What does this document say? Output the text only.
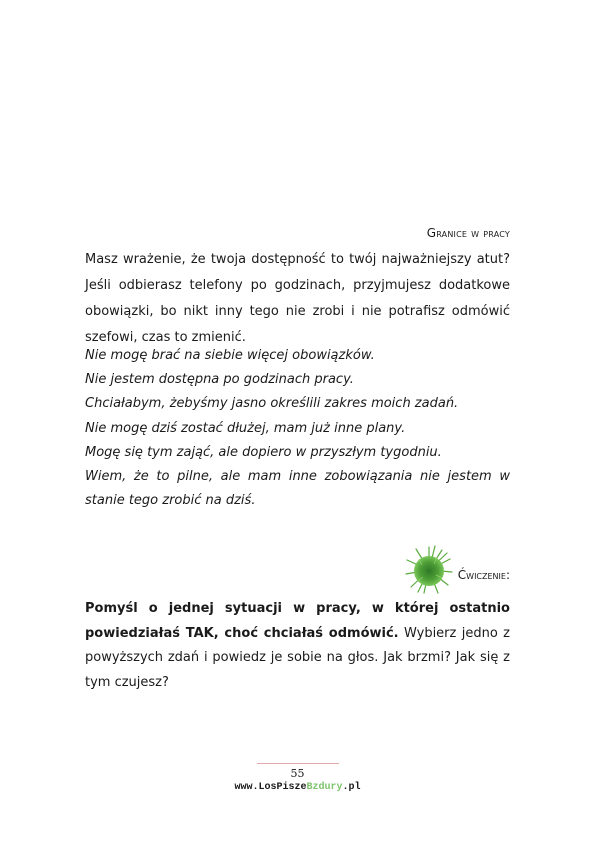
Granice w pracy

Masz wrażenie, że twoja dostępność to twój najważniejszy atut? Jeśli odbierasz telefony po godzinach, przyjmujesz dodatkowe obowiązki, bo nikt inny tego nie zrobi i nie potrafisz odmówić szefowi, czas to zmienić.

Nie mogę brać na siebie więcej obowiązków.

Nie jestem dostępna po godzinach pracy.

Chciałabym, żebyśmy jasno określili zakres moich zadań.

Nie mogę dziś zostać dłużej, mam już inne plany.

Mogę się tym zająć, ale dopiero w przyszłym tygodniu.

Wiem, że to pilne, ale mam inne zobowiązania nie jestem w stanie tego zrobić na dziś.

Ćwiczenie:

Pomyśl o jednej sytuacji w pracy, w której ostatnio powiedziałaś TAK, choć chciałaś odmówić. Wybierz jedno z powyższych zdań i powiedz je sobie na głos. Jak brzmi? Jak się z tym czujesz?

55
www.LosPiszeBzdury.pl
